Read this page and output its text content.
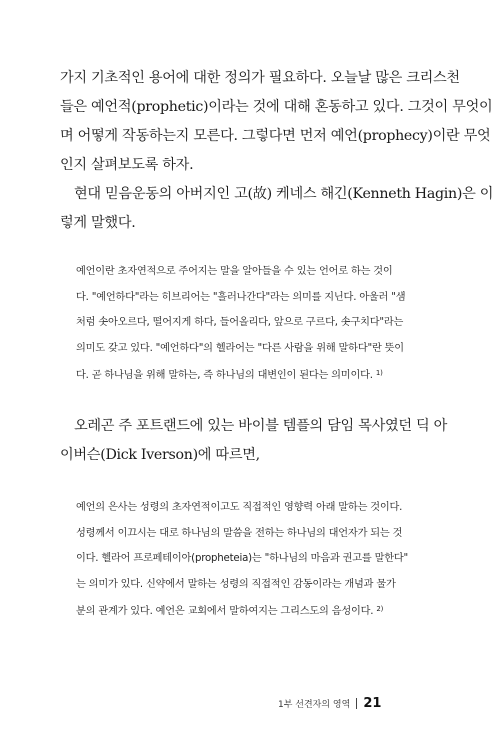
가지 기초적인 용어에 대한 정의가 필요하다. 오늘날 많은 크리스천
들은 예언적(prophetic)이라는 것에 대해 혼동하고 있다. 그것이 무엇이
며 어떻게 작동하는지 모른다. 그렇다면 먼저 예언(prophecy)이란 무엇
인지 살펴보도록 하자.

현대 믿음운동의 아버지인 고(故) 케네스 해긴(Kenneth Hagin)은 이
렇게 말했다.

예언이란 초자연적으로 주어지는 말을 알아들을 수 있는 언어로 하는 것이
다. "예언하다"라는 히브리어는 "흘러나간다"라는 의미를 지닌다. 아울러 "샘
처럼 솟아오르다, 떨어지게 하다, 들어올리다, 앞으로 구르다, 솟구치다"라는
의미도 갖고 있다. "예언하다"의 헬라어는 "다른 사람을 위해 말하다"란 뜻이
다. 곧 하나님을 위해 말하는, 즉 하나님의 대변인이 된다는 의미이다. $^{1)}$

오레곤 주 포트랜드에 있는 바이블 템플의 담임 목사였던 딕 아
이버슨(Dick Iverson)에 따르면,

예언의 은사는 성령의 초자연적이고도 직접적인 영향력 아래 말하는 것이다.
성령께서 이끄시는 대로 하나님의 말씀을 전하는 하나님의 대언자가 되는 것
이다. 헬라어 프로페테이아(propheteia)는 "하나님의 마음과 권고를 말한다"
는 의미가 있다. 신약에서 말하는 성령의 직접적인 감동이라는 개념과 물가
분의 관계가 있다. 예언은 교회에서 말하여지는 그리스도의 음성이다. $^{2)}$

1부 선견자의 영역 21
